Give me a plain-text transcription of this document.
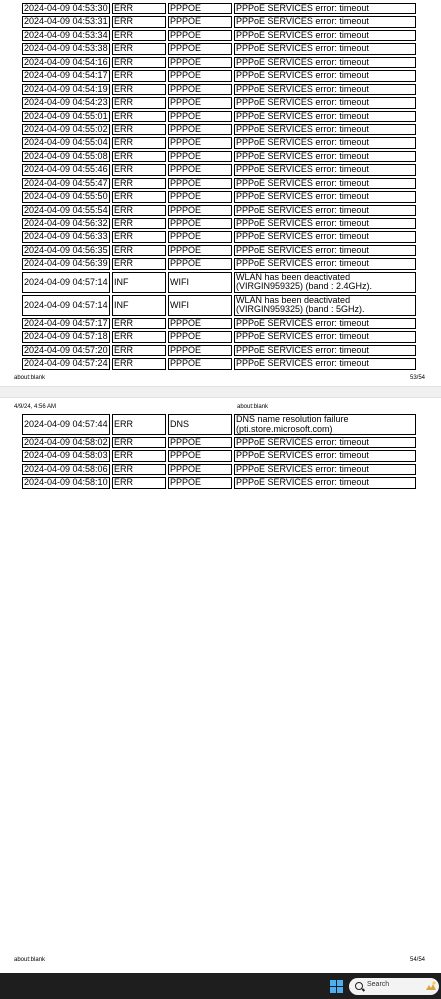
2024-04-09 04:53:30	ERR	PPPOE	PPPoE SERVICES error: timeout
2024-04-09 04:53:31	ERR	PPPOE	PPPoE SERVICES error: timeout
2024-04-09 04:53:34	ERR	PPPOE	PPPoE SERVICES error: timeout
2024-04-09 04:53:38	ERR	PPPOE	PPPoE SERVICES error: timeout
2024-04-09 04:54:16	ERR	PPPOE	PPPoE SERVICES error: timeout
2024-04-09 04:54:17	ERR	PPPOE	PPPoE SERVICES error: timeout
2024-04-09 04:54:19	ERR	PPPOE	PPPoE SERVICES error: timeout
2024-04-09 04:54:23	ERR	PPPOE	PPPoE SERVICES error: timeout
2024-04-09 04:55:01	ERR	PPPOE	PPPoE SERVICES error: timeout
2024-04-09 04:55:02	ERR	PPPOE	PPPoE SERVICES error: timeout
2024-04-09 04:55:04	ERR	PPPOE	PPPoE SERVICES error: timeout
2024-04-09 04:55:08	ERR	PPPOE	PPPoE SERVICES error: timeout
2024-04-09 04:55:46	ERR	PPPOE	PPPoE SERVICES error: timeout
2024-04-09 04:55:47	ERR	PPPOE	PPPoE SERVICES error: timeout
2024-04-09 04:55:50	ERR	PPPOE	PPPoE SERVICES error: timeout
2024-04-09 04:55:54	ERR	PPPOE	PPPoE SERVICES error: timeout
2024-04-09 04:56:32	ERR	PPPOE	PPPoE SERVICES error: timeout
2024-04-09 04:56:33	ERR	PPPOE	PPPoE SERVICES error: timeout
2024-04-09 04:56:35	ERR	PPPOE	PPPoE SERVICES error: timeout
2024-04-09 04:56:39	ERR	PPPOE	PPPoE SERVICES error: timeout
2024-04-09 04:57:14	INF	WIFI	WLAN has been deactivated (VIRGIN959325) (band : 2.4GHz).
2024-04-09 04:57:14	INF	WIFI	WLAN has been deactivated (VIRGIN959325) (band : 5GHz).
2024-04-09 04:57:17	ERR	PPPOE	PPPoE SERVICES error: timeout
2024-04-09 04:57:18	ERR	PPPOE	PPPoE SERVICES error: timeout
2024-04-09 04:57:20	ERR	PPPOE	PPPoE SERVICES error: timeout
2024-04-09 04:57:24	ERR	PPPOE	PPPoE SERVICES error: timeout
about:blank	53/54
4/9/24, 4:56 AM	about:blank
2024-04-09 04:57:44	ERR	DNS	DNS name resolution failure (pti.store.microsoft.com)
2024-04-09 04:58:02	ERR	PPPOE	PPPoE SERVICES error: timeout
2024-04-09 04:58:03	ERR	PPPOE	PPPoE SERVICES error: timeout
2024-04-09 04:58:06	ERR	PPPOE	PPPoE SERVICES error: timeout
2024-04-09 04:58:10	ERR	PPPOE	PPPoE SERVICES error: timeout
about:blank	54/54
Search
